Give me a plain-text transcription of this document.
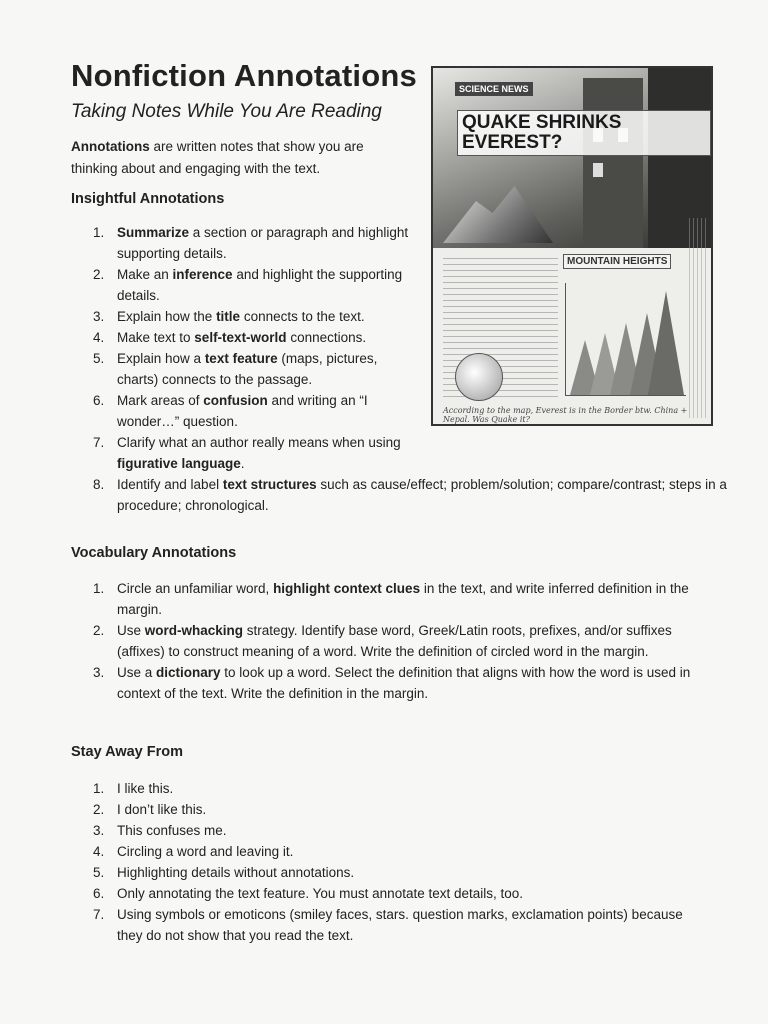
Nonfiction Annotations
Taking Notes While You Are Reading
Annotations are written notes that show you are thinking about and engaging with the text.
SCIENCE NEWS
QUAKE SHRINKS EVEREST?
MOUNTAIN HEIGHTS
According to the map, Everest is in the Border btw. China + Nepal. Was Quake it?
Insightful Annotations
1. Summarize a section or paragraph and highlight supporting details.
2. Make an inference and highlight the supporting details.
3. Explain how the title connects to the text.
4. Make text to self-text-world connections.
5. Explain how a text feature (maps, pictures, charts) connects to the passage.
6. Mark areas of confusion and writing an “I wonder…” question.
7. Clarify what an author really means when using figurative language.
8. Identify and label text structures such as cause/effect; problem/solution; compare/contrast; steps in a procedure; chronological.
Vocabulary Annotations
1. Circle an unfamiliar word, highlight context clues in the text, and write inferred definition in the margin.
2. Use word-whacking strategy. Identify base word, Greek/Latin roots, prefixes, and/or suffixes (affixes) to construct meaning of a word. Write the definition of circled word in the margin.
3. Use a dictionary to look up a word. Select the definition that aligns with how the word is used in context of the text. Write the definition in the margin.
Stay Away From
1. I like this.
2. I don’t like this.
3. This confuses me.
4. Circling a word and leaving it.
5. Highlighting details without annotations.
6. Only annotating the text feature. You must annotate text details, too.
7. Using symbols or emoticons (smiley faces, stars. question marks, exclamation points) because they do not show that you read the text.
